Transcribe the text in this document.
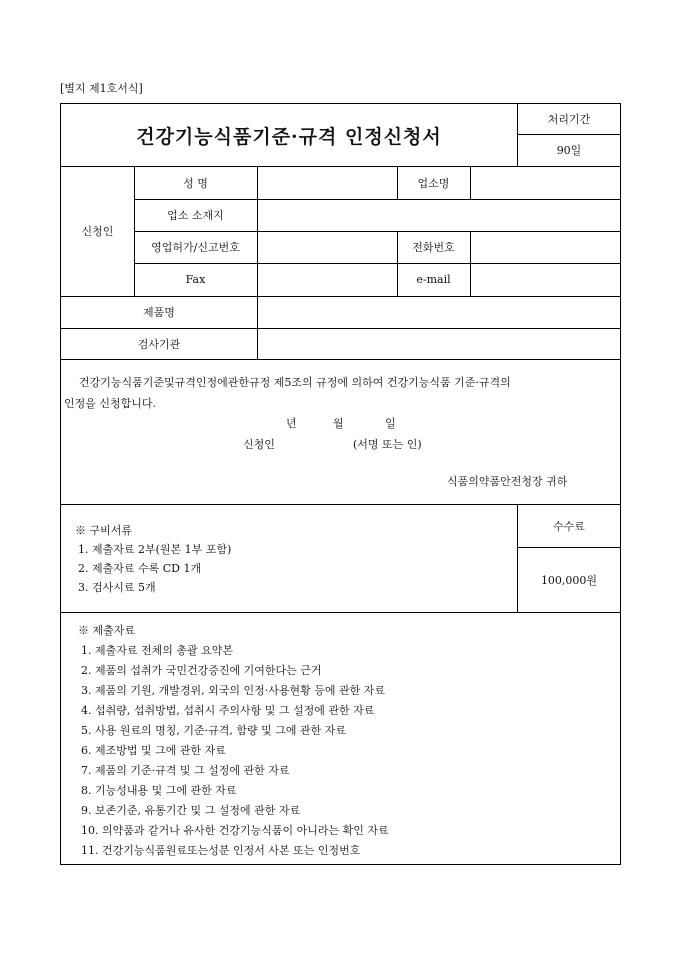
[별지 제1호서식]
건강기능식품기준·규격 인정신청서
처리기간
90일
신청인
성 명	업소명
업소 소재지
영업허가/신고번호	전화번호
Fax	e-mail
제품명
검사기관
건강기능식품기준및규격인정에관한규정 제5조의 규정에 의하여 건강기능식품 기준·규격의
인정을 신청합니다.
년	월	일
신청인	(서명 또는 인)
식품의약품안전청장 귀하
※ 구비서류
1. 제출자료 2부(원본 1부 포함)
2. 제출자료 수록 CD 1개
3. 검사시료 5개
수수료
100,000원
※ 제출자료
1. 제출자료 전체의 총괄 요약본
2. 제품의 섭취가 국민건강증진에 기여한다는 근거
3. 제품의 기원, 개발경위, 외국의 인정·사용현황 등에 관한 자료
4. 섭취량, 섭취방법, 섭취시 주의사항 및 그 설정에 관한 자료
5. 사용 원료의 명칭, 기준·규격, 함량 및 그에 관한 자료
6. 제조방법 및 그에 관한 자료
7. 제품의 기준·규격 및 그 설정에 관한 자료
8. 기능성내용 및 그에 관한 자료
9. 보존기준, 유통기간 및 그 설정에 관한 자료
10. 의약품과 같거나 유사한 건강기능식품이 아니라는 확인 자료
11. 건강기능식품원료또는성분 인정서 사본 또는 인정번호
